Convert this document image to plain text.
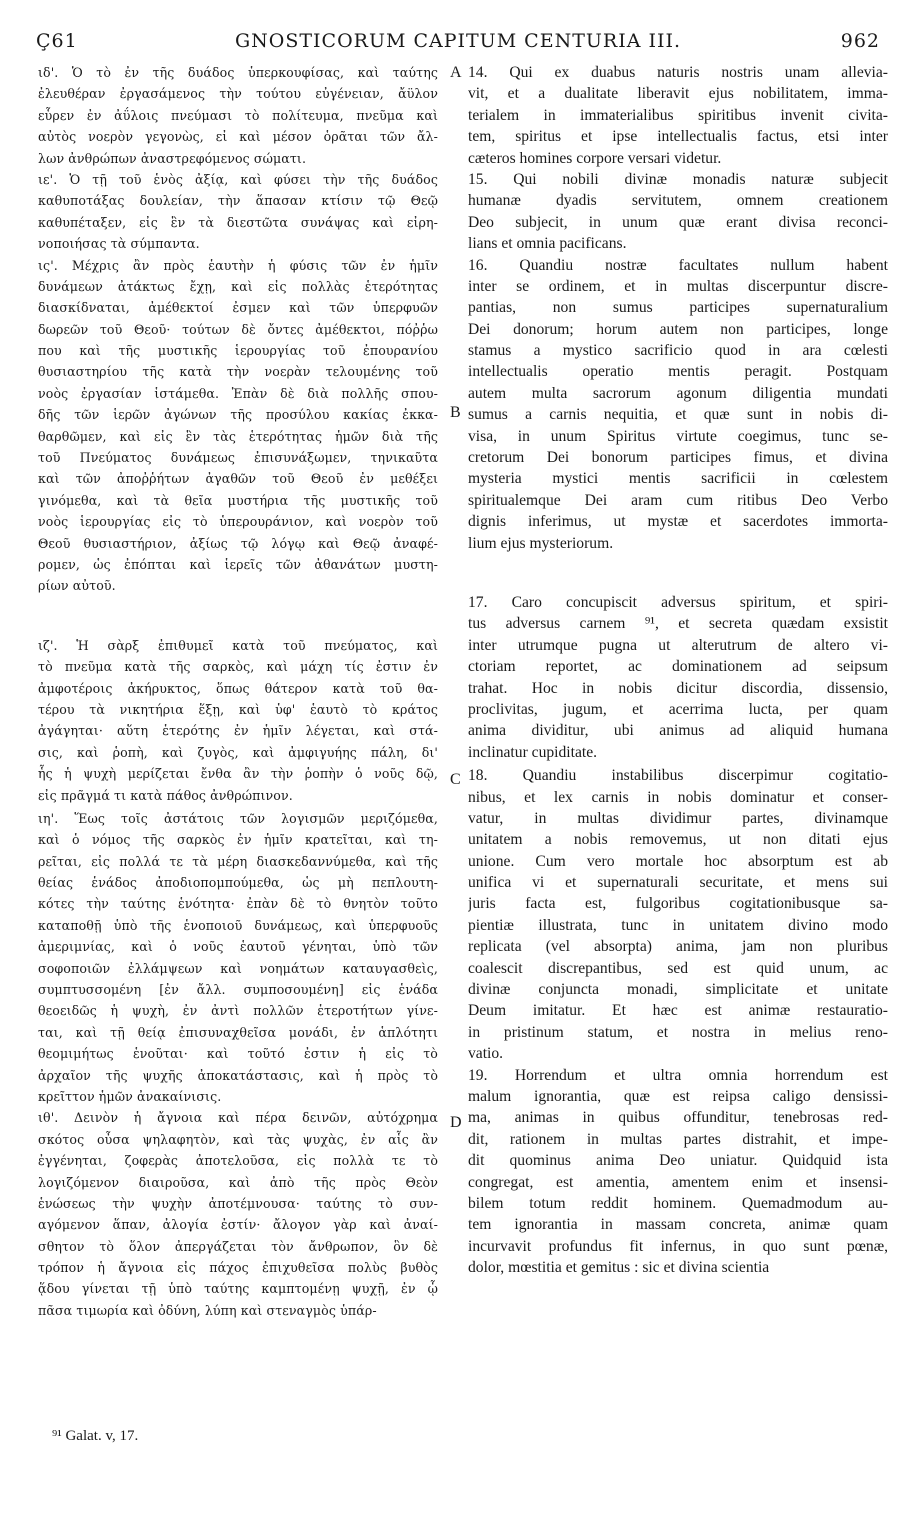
Ç61	GNOSTICORUM CAPITUM CENTURIA III.	962
ιδ'. Ὁ τὸ ἐν τῆς δυάδος ὑπερκουφίσας, καὶ ταύτης
ἐλευθέραν ἐργασάμενος τὴν τούτου εὐγένειαν, ἄϋλον
εὗρεν ἐν ἀΰλοις πνεύμασι τὸ πολίτευμα, πνεῦμα καὶ
αὐτὸς νοερὸν γεγονὼς, εἰ καὶ μέσον ὁρᾶται τῶν ἄλ-
λων ἀνθρώπων ἀναστρεφόμενος σώματι.
ιε'. Ὁ τῇ τοῦ ἑνὸς ἀξίᾳ, καὶ φύσει τὴν τῆς δυάδος
καθυποτάξας δουλείαν, τὴν ἅπασαν κτίσιν τῷ Θεῷ
καθυπέταξεν, εἰς ἓν τὰ διεστῶτα συνάψας καὶ εἰρη-
νοποιήσας τὰ σύμπαντα.
ις'. Μέχρις ἂν πρὸς ἑαυτὴν ἡ φύσις τῶν ἐν ἡμῖν
δυνάμεων ἀτάκτως ἔχῃ, καὶ εἰς πολλὰς ἑτερότητας
διασκίδναται, ἀμέθεκτοί ἐσμεν καὶ τῶν ὑπερφυῶν
δωρεῶν τοῦ Θεοῦ· τούτων δὲ ὄντες ἀμέθεκτοι, πόῤῥω
που καὶ τῆς μυστικῆς ἱερουργίας τοῦ ἐπουρανίου
θυσιαστηρίου τῆς κατὰ τὴν νοερὰν τελουμένης τοῦ
νοὸς ἐργασίαν ἱστάμεθα. Ἐπὰν δὲ διὰ πολλῆς σπου-
δῆς τῶν ἱερῶν ἀγώνων τῆς προσύλου κακίας ἐκκα-
θαρθῶμεν, καὶ εἰς ἓν τὰς ἑτερότητας ἡμῶν διὰ τῆς
τοῦ Πνεύματος δυνάμεως ἐπισυνάξωμεν, τηνικαῦτα
καὶ τῶν ἀποῤῥήτων ἀγαθῶν τοῦ Θεοῦ ἐν μεθέξει
γινόμεθα, καὶ τὰ θεῖα μυστήρια τῆς μυστικῆς τοῦ
νοὸς ἱερουργίας εἰς τὸ ὑπερουράνιον, καὶ νοερὸν τοῦ
Θεοῦ θυσιαστήριον, ἀξίως τῷ λόγῳ καὶ Θεῷ ἀναφέ-
ρομεν, ὡς ἐπόπται καὶ ἱερεῖς τῶν ἀθανάτων μυστη-
ρίων αὐτοῦ.
ιζ'. Ἡ σὰρξ ἐπιθυμεῖ κατὰ τοῦ πνεύματος, καὶ
τὸ πνεῦμα κατὰ τῆς σαρκὸς, καὶ μάχη τίς ἐστιν ἐν
ἀμφοτέροις ἀκήρυκτος, ὅπως θάτερον κατὰ τοῦ θα-
τέρου τὰ νικητήρια ἕξῃ, καὶ ὑφ' ἑαυτὸ τὸ κράτος
ἀγάγηται· αὕτη ἑτερότης ἐν ἡμῖν λέγεται, καὶ στά-
σις, καὶ ῥοπὴ, καὶ ζυγὸς, καὶ ἀμφιγυήης πάλη, δι'
ἧς ἡ ψυχὴ μερίζεται ἔνθα ἂν τὴν ῥοπὴν ὁ νοῦς δῷ,
εἰς πρᾶγμά τι κατὰ πάθος ἀνθρώπινον.
ιη'. Ἕως τοῖς ἀστάτοις τῶν λογισμῶν μεριζόμεθα,
καὶ ὁ νόμος τῆς σαρκὸς ἐν ἡμῖν κρατεῖται, καὶ τη-
ρεῖται, εἰς πολλά τε τὰ μέρη διασκεδαννύμεθα, καὶ τῆς
θείας ἑνάδος ἀποδιοπομπούμεθα, ὡς μὴ πεπλουτη-
κότες τὴν ταύτης ἑνότητα· ἐπὰν δὲ τὸ θνητὸν τοῦτο
καταποθῇ ὑπὸ τῆς ἑνοποιοῦ δυνάμεως, καὶ ὑπερφυοῦς
ἀμεριμνίας, καὶ ὁ νοῦς ἑαυτοῦ γένηται, ὑπὸ τῶν
σοφοποιῶν ἐλλάμψεων καὶ νοημάτων καταυγασθεὶς,
συμπτυσσομένη [ἐν ἄλλ. συμποσουμένη] εἰς ἑνάδα
θεοειδῶς ἡ ψυχὴ, ἐν ἀντὶ πολλῶν ἑτεροτήτων γίνε-
ται, καὶ τῇ θείᾳ ἐπισυναχθεῖσα μονάδι, ἐν ἁπλότητι
θεομιμήτως ἑνοῦται· καὶ τοῦτό ἐστιν ἡ εἰς τὸ
ἀρχαῖον τῆς ψυχῆς ἀποκατάστασις, καὶ ἡ πρὸς τὸ
κρεῖττον ἡμῶν ἀνακαίνισις.
ιθ'. Δεινὸν ἡ ἄγνοια καὶ πέρα δεινῶν, αὐτόχρημα
σκότος οὖσα ψηλαφητὸν, καὶ τὰς ψυχὰς, ἐν αἷς ἂν
ἐγγένηται, ζοφερὰς ἀποτελοῦσα, εἰς πολλὰ τε τὸ
λογιζόμενον διαιροῦσα, καὶ ἀπὸ τῆς πρὸς Θεὸν
ἑνώσεως τὴν ψυχὴν ἀποτέμνουσα· ταύτης τὸ συν-
αγόμενον ἅπαν, ἀλογία ἐστίν· ἄλογον γὰρ καὶ ἀναί-
σθητον τὸ ὅλον ἀπεργάζεται τὸν ἄνθρωπον, ὃν δὲ
τρόπον ἡ ἄγνοια εἰς πάχος ἐπιχυθεῖσα πολὺς βυθὸς
ᾅδου γίνεται τῇ ὑπὸ ταύτης καμπτομένῃ ψυχῇ, ἐν ᾧ
πᾶσα τιμωρία καὶ ὀδύνη, λύπη καὶ στεναγμὸς ὑπάρ-
14. Qui ex duabus naturis nostris unam allevia-
vit, et a dualitate liberavit ejus nobilitatem, imma-
terialem in immaterialibus spiritibus invenit civita-
tem, spiritus et ipse intellectualis factus, etsi inter
cæteros homines corpore versari videtur.
15. Qui nobili divinæ monadis naturæ subjecit
humanæ dyadis servitutem, omnem creationem
Deo subjecit, in unum quæ erant divisa reconci-
lians et omnia pacificans.
16. Quandiu nostræ facultates nullum habent
inter se ordinem, et in multas discerpuntur discre-
pantias, non sumus participes supernaturalium
Dei donorum; horum autem non participes, longe
stamus a mystico sacrificio quod in ara cœlesti
intellectualis operatio mentis peragit. Postquam
autem multa sacrorum agonum diligentia mundati
sumus a carnis nequitia, et quæ sunt in nobis di-
visa, in unum Spiritus virtute coegimus, tunc se-
cretorum Dei bonorum participes fimus, et divina
mysteria mystici mentis sacrificii in cœlestem
spiritualemque Dei aram cum ritibus Deo Verbo
dignis inferimus, ut mystæ et sacerdotes immorta-
lium ejus mysteriorum.
17. Caro concupiscit adversus spiritum, et spiri-
tus adversus carnem ⁹¹, et secreta quædam exsistit
inter utrumque pugna ut alterutrum de altero vi-
ctoriam reportet, ac dominationem ad seipsum
trahat. Hoc in nobis dicitur discordia, dissensio,
proclivitas, jugum, et acerrima lucta, per quam
anima dividitur, ubi animus ad aliquid humana
inclinatur cupiditate.
18. Quandiu instabilibus discerpimur cogitatio-
nibus, et lex carnis in nobis dominatur et conser-
vatur, in multas dividimur partes, divinamque
unitatem a nobis removemus, ut non ditati ejus
unione. Cum vero mortale hoc absorptum est ab
unifica vi et supernaturali securitate, et mens sui
juris facta est, fulgoribus cogitationibusque sa-
pientiæ illustrata, tunc in unitatem divino modo
replicata (vel absorpta) anima, jam non pluribus
coalescit discrepantibus, sed est quid unum, ac
divinæ conjuncta monadi, simplicitate et unitate
Deum imitatur. Et hæc est animæ restauratio-
in pristinum statum, et nostra in melius reno-
vatio.
19. Horrendum et ultra omnia horrendum est
malum ignorantia, quæ est reipsa caligo densissi-
ma, animas in quibus offunditur, tenebrosas red-
dit, rationem in multas partes distrahit, et impe-
dit quominus anima Deo uniatur. Quidquid ista
congregat, est amentia, amentem enim et insensi-
bilem totum reddit hominem. Quemadmodum au-
tem ignorantia in massam concreta, animæ quam
incurvavit profundus fit infernus, in quo sunt pœnæ,
dolor, mœstitia et gemitus : sic et divina scientia
A
B
C
D
⁹¹ Galat. v, 17.
